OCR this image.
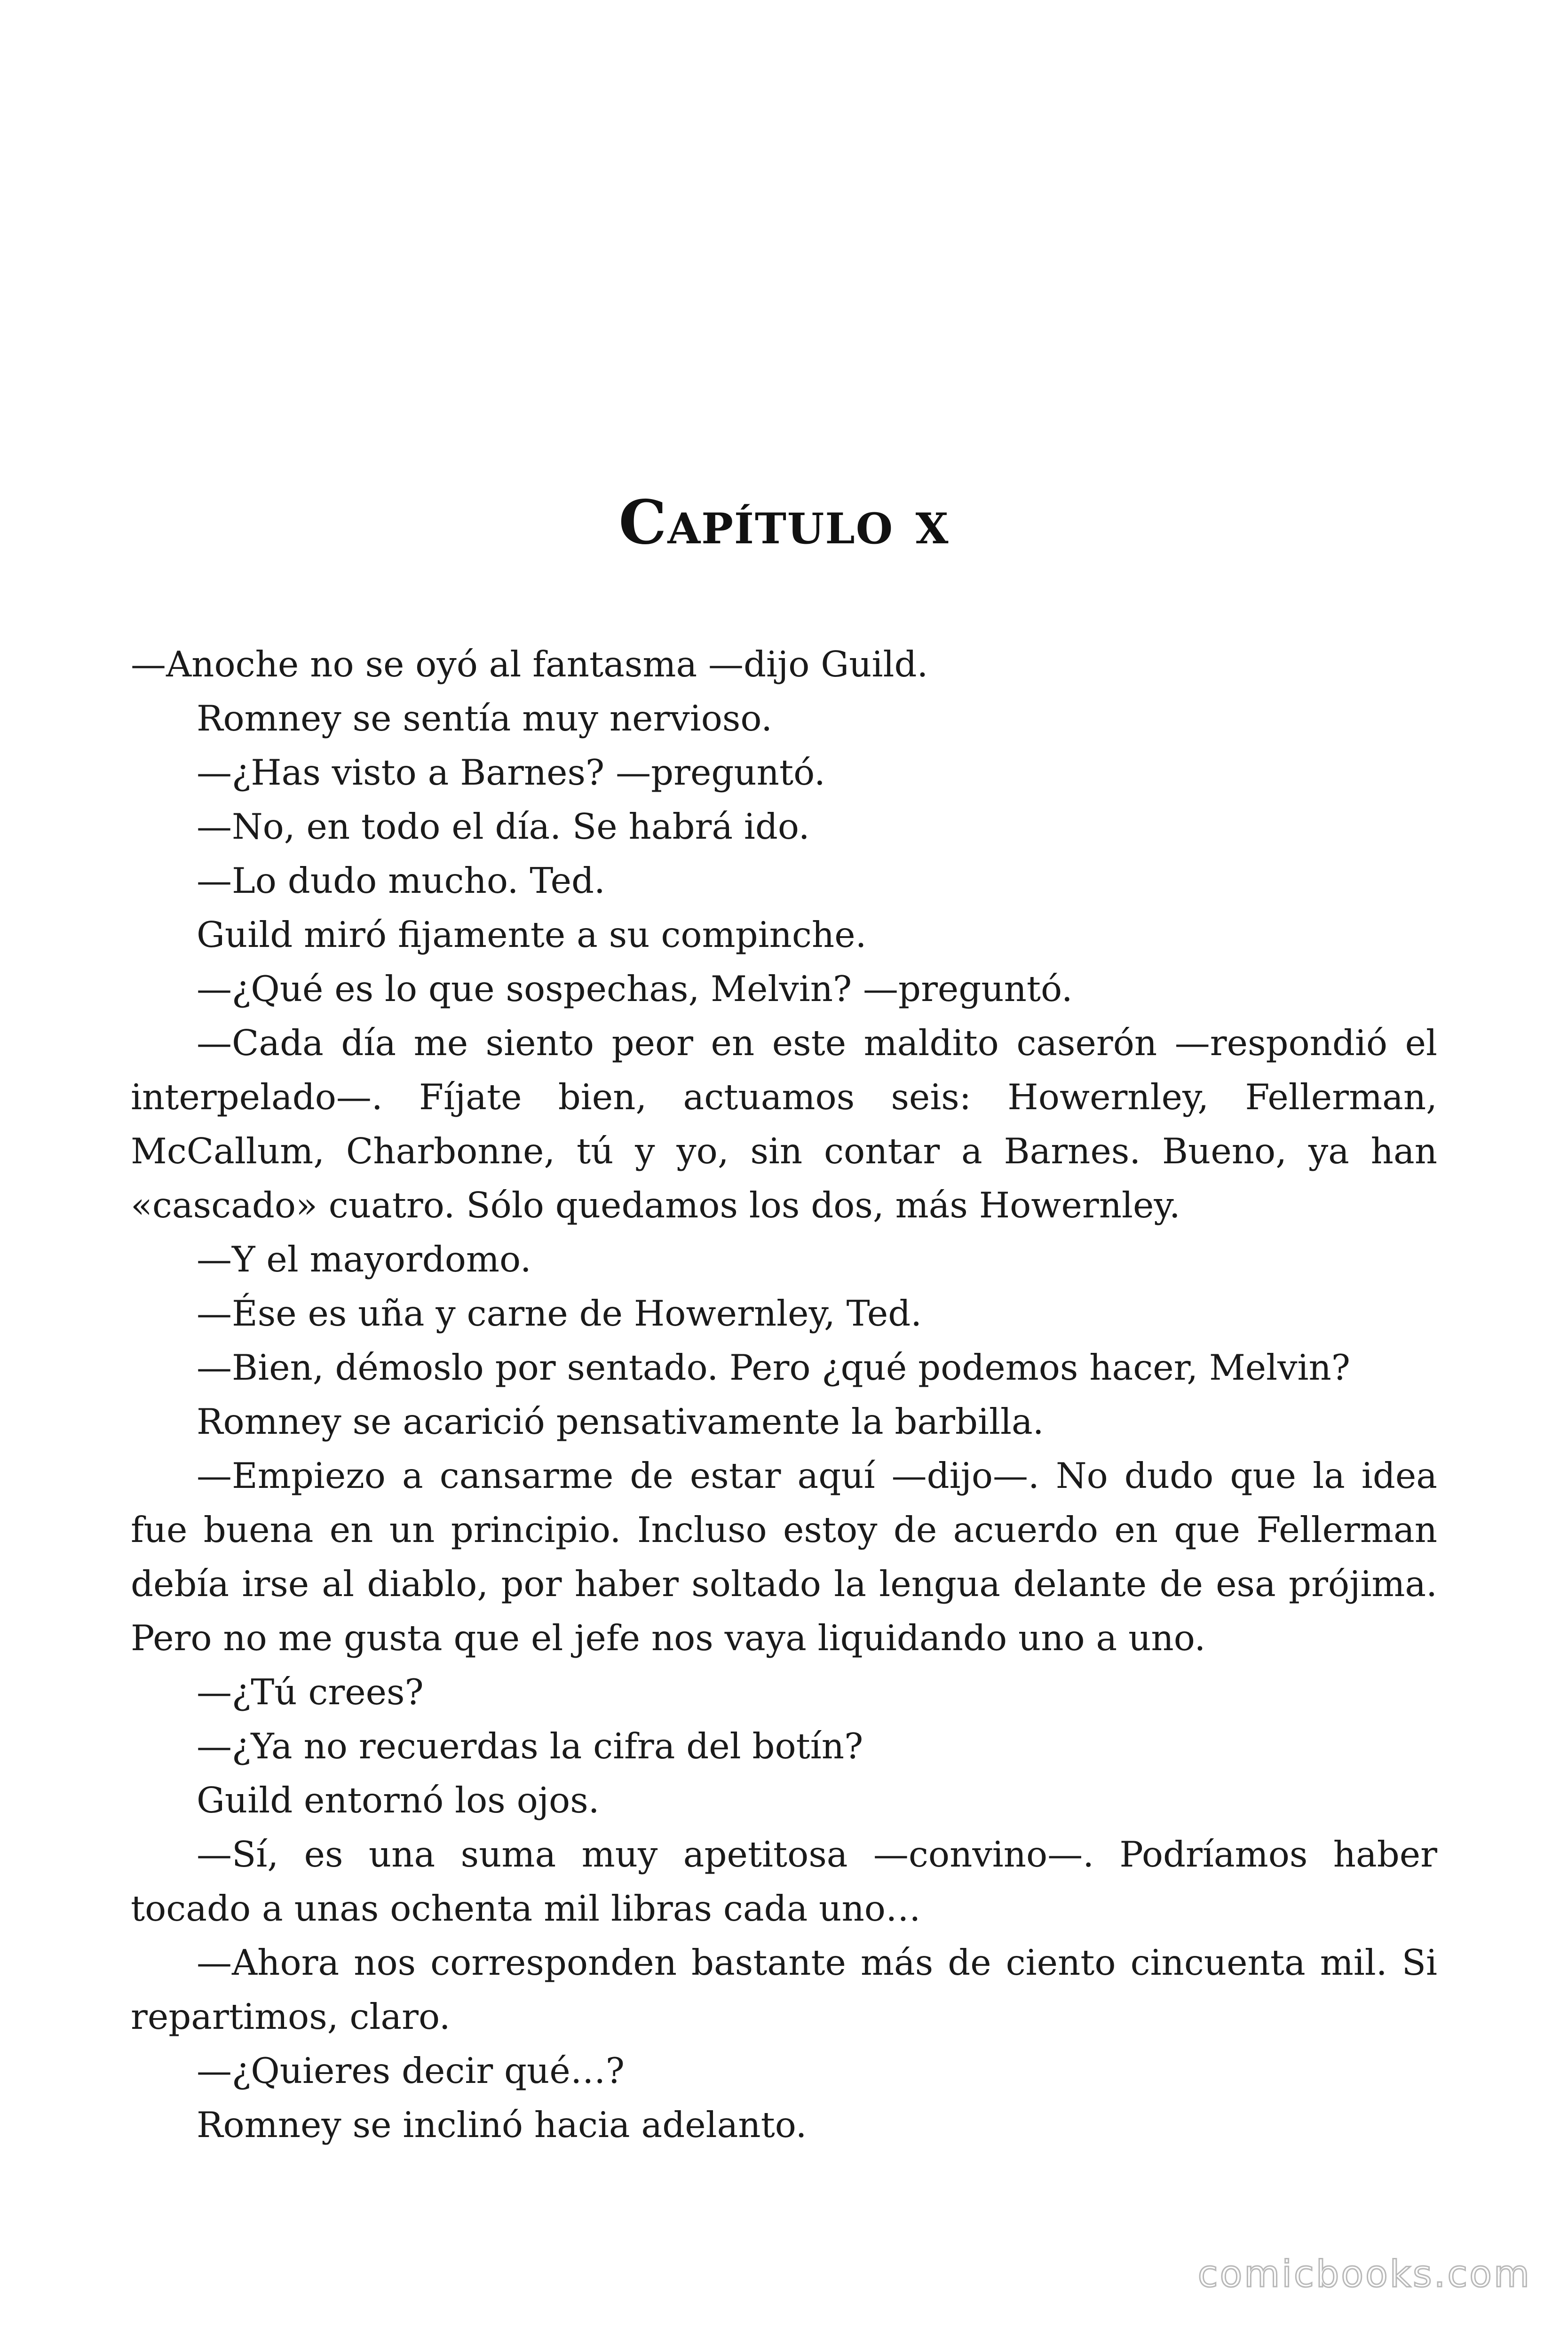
Capítulo x

—Anoche no se oyó al fantasma —dijo Guild.

Romney se sentía muy nervioso.

—¿Has visto a Barnes? —preguntó.

—No, en todo el día. Se habrá ido.

—Lo dudo mucho. Ted.

Guild miró fijamente a su compinche.

—¿Qué es lo que sospechas, Melvin? —preguntó.

—Cada día me siento peor en este maldito caserón —respondió el interpelado—. Fíjate bien, actuamos seis: Howernley, Fellerman, McCallum, Charbonne, tú y yo, sin contar a Barnes. Bueno, ya han «cascado» cuatro. Sólo quedamos los dos, más Howernley.

—Y el mayordomo.

—Ése es uña y carne de Howernley, Ted.

—Bien, démoslo por sentado. Pero ¿qué podemos hacer, Melvin?

Romney se acarició pensativamente la barbilla.

—Empiezo a cansarme de estar aquí —dijo—. No dudo que la idea fue buena en un principio. Incluso estoy de acuerdo en que Fellerman debía irse al diablo, por haber soltado la lengua delante de esa prójima. Pero no me gusta que el jefe nos vaya liquidando uno a uno.

—¿Tú crees?

—¿Ya no recuerdas la cifra del botín?

Guild entornó los ojos.

—Sí, es una suma muy apetitosa —convino—. Podríamos haber tocado a unas ochenta mil libras cada uno…

—Ahora nos corresponden bastante más de ciento cincuenta mil. Si repartimos, claro.

—¿Quieres decir qué…?

Romney se inclinó hacia adelanto.

comicbooks.com
